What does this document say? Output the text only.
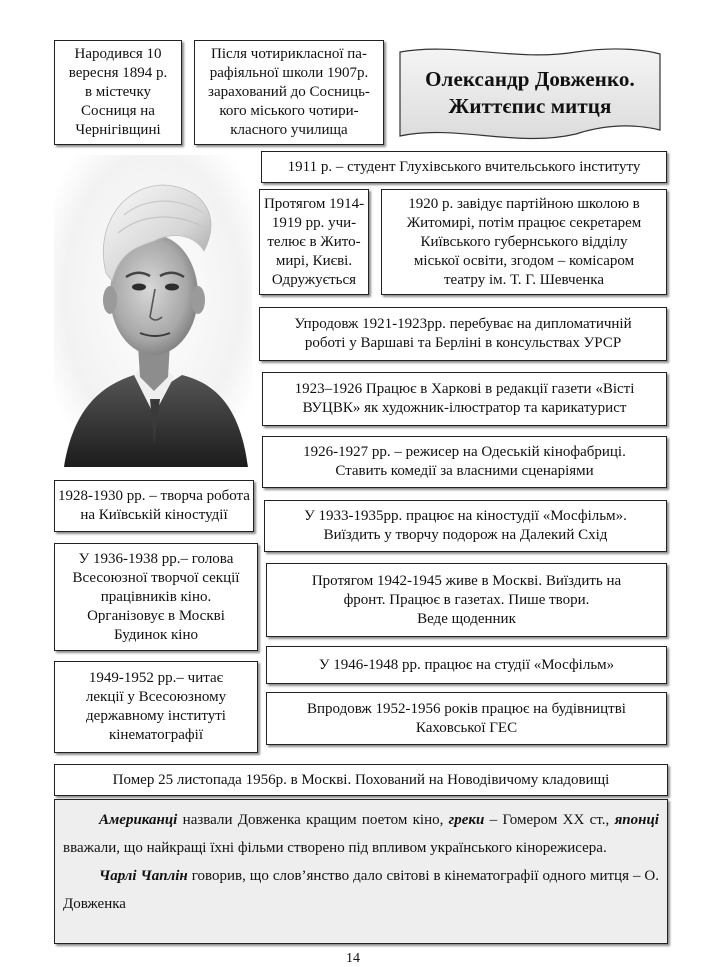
Народився 10
вересня 1894 р.
в містечку
Сосниця на
Чернігівщині
Після чотирикласної па-
рафіяльної школи 1907р.
зарахований до Сосниць-
кого міського чотири-
класного училища
Олександр Довженко.
Життєпис митця
1911 р. – студент Глухівського вчительського інституту
Протягом 1914-
1919 рр. учи-
телює в Жито-
мирі, Києві.
Одружується
1920 р. завідує партійною школою в
Житомирі, потім працює секретарем
Київського губернського відділу
міської освіти, згодом – комісаром
театру ім. Т. Г. Шевченка
Упродовж 1921-1923рр. перебуває на дипломатичній
роботі у Варшаві та Берліні в консульствах УРСР
1923–1926 Працює в Харкові в редакції газети «Вісті
ВУЦВК» як художник-ілюстратор та карикатурист
1926-1927 рр. – режисер на Одеській кінофабриці.
Ставить комедії за власними сценаріями
1928-1930 рр. – творча робота
на Київській кіностудії	У 1933-1935рр. працює на кіностудії «Мосфільм».
Виїздить у творчу подорож на Далекий Схід
У 1936-1938 рр.– голова
Всесоюзної творчої секції
працівників кіно.
Організовує в Москві
Будинок кіно
Протягом 1942-1945 живе в Москві. Виїздить на
фронт. Працює в газетах. Пише твори.
Веде щоденник
У 1946-1948 рр. працює на студії «Мосфільм»
1949-1952 рр.– читає
лекції у Всесоюзному
державному інституті
кінематографії
Впродовж 1952-1956 років працює на будівництві
Каховської ГЕС
Помер 25 листопада 1956р. в Москві. Похований на Новодівичому кладовищі

Американці назвали Довженка кращим поетом кіно, греки – Гомером ХХ ст., японці вважали, що найкращі їхні фільми створено під впливом українського кінорежисера.

Чарлі Чаплін говорив, що слов’янство дало світові в кінематографії одного митця – О. Довженка

14
